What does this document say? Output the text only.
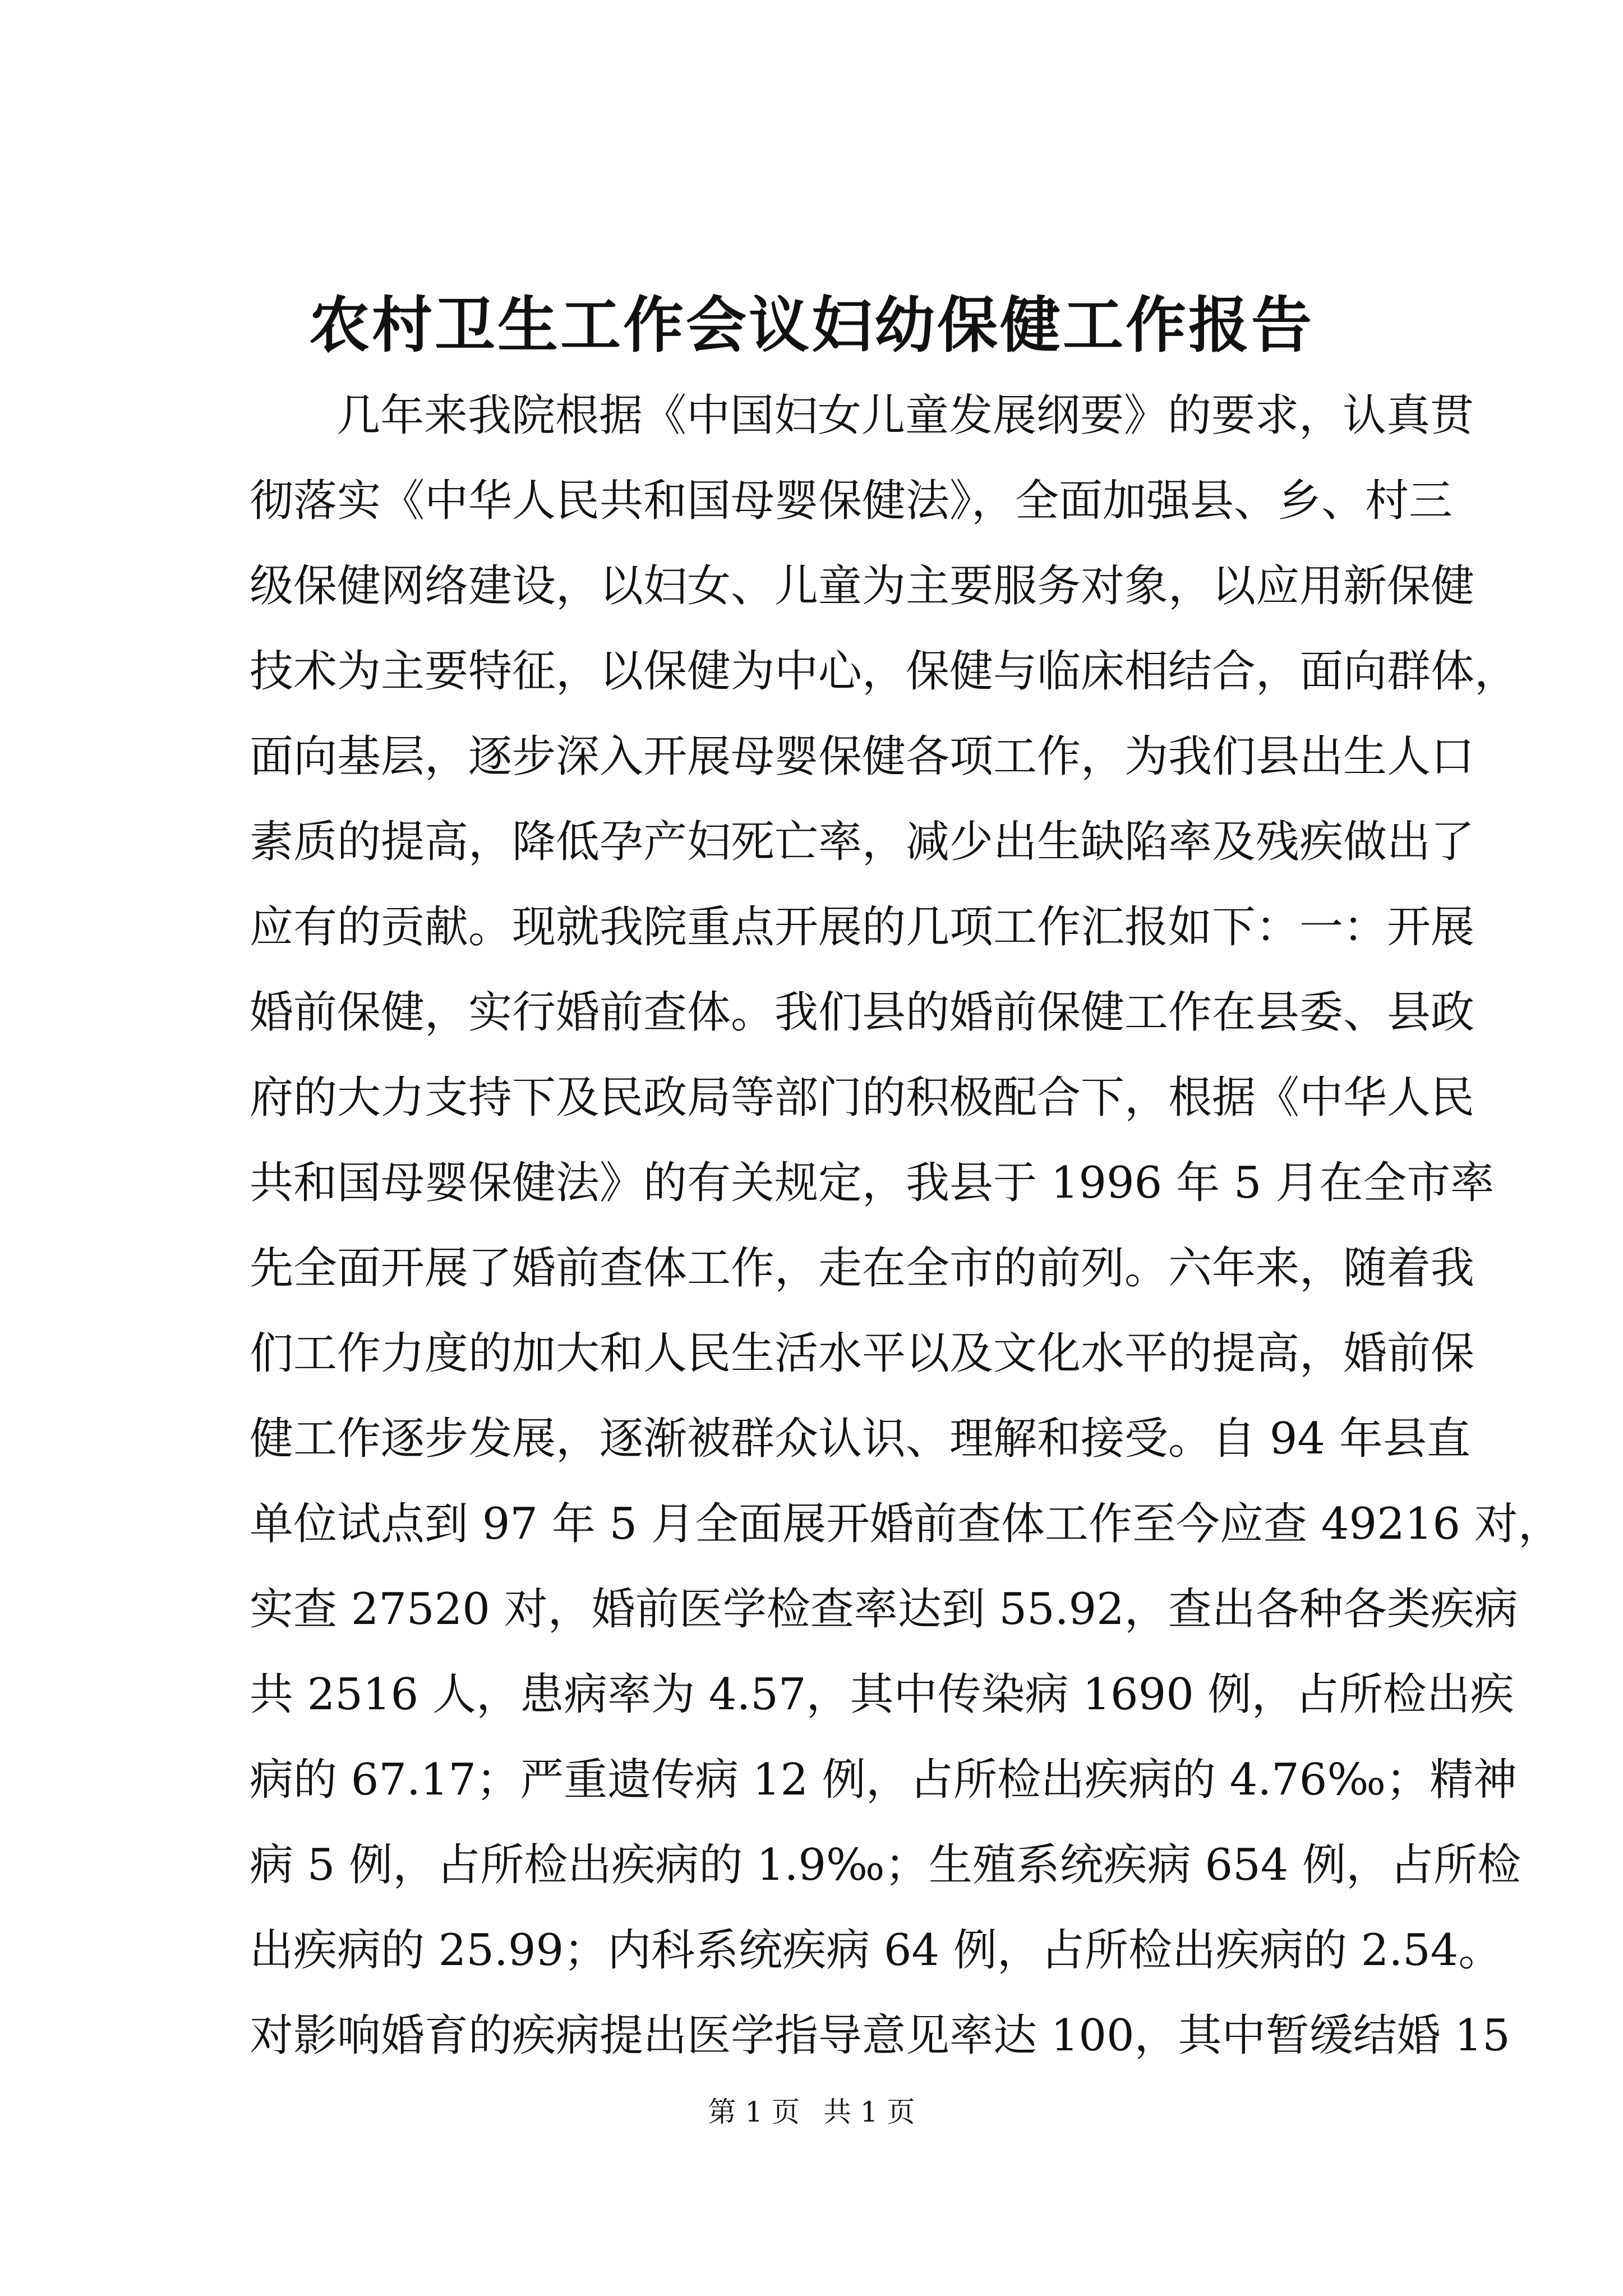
农村卫生工作会议妇幼保健工作报告
几年来我院根据《中国妇女儿童发展纲要》的要求，认真贯
彻落实《中华人民共和国母婴保健法》，全面加强县、乡、村三
级保健网络建设，以妇女、儿童为主要服务对象，以应用新保健
技术为主要特征，以保健为中心，保健与临床相结合，面向群体，
面向基层，逐步深入开展母婴保健各项工作，为我们县出生人口
素质的提高，降低孕产妇死亡率，减少出生缺陷率及残疾做出了
应有的贡献。现就我院重点开展的几项工作汇报如下：一：开展
婚前保健，实行婚前查体。我们县的婚前保健工作在县委、县政
府的大力支持下及民政局等部门的积极配合下，根据《中华人民
共和国母婴保健法》的有关规定，我县于 1996 年 5 月在全市率
先全面开展了婚前查体工作，走在全市的前列。六年来，随着我
们工作力度的加大和人民生活水平以及文化水平的提高，婚前保
健工作逐步发展，逐渐被群众认识、理解和接受。自 94 年县直
单位试点到 97 年 5 月全面展开婚前查体工作至今应查 49216 对，
实查 27520 对，婚前医学检查率达到 55.92，查出各种各类疾病
共 2516 人，患病率为 4.57，其中传染病 1690 例，占所检出疾
病的 67.17；严重遗传病 12 例，占所检出疾病的 4.76‰；精神
病 5 例，占所检出疾病的 1.9‰；生殖系统疾病 654 例，占所检
出疾病的 25.99；内科系统疾病 64 例，占所检出疾病的 2.54。
对影响婚育的疾病提出医学指导意见率达 100，其中暂缓结婚 15
第 1 页 共 1 页
